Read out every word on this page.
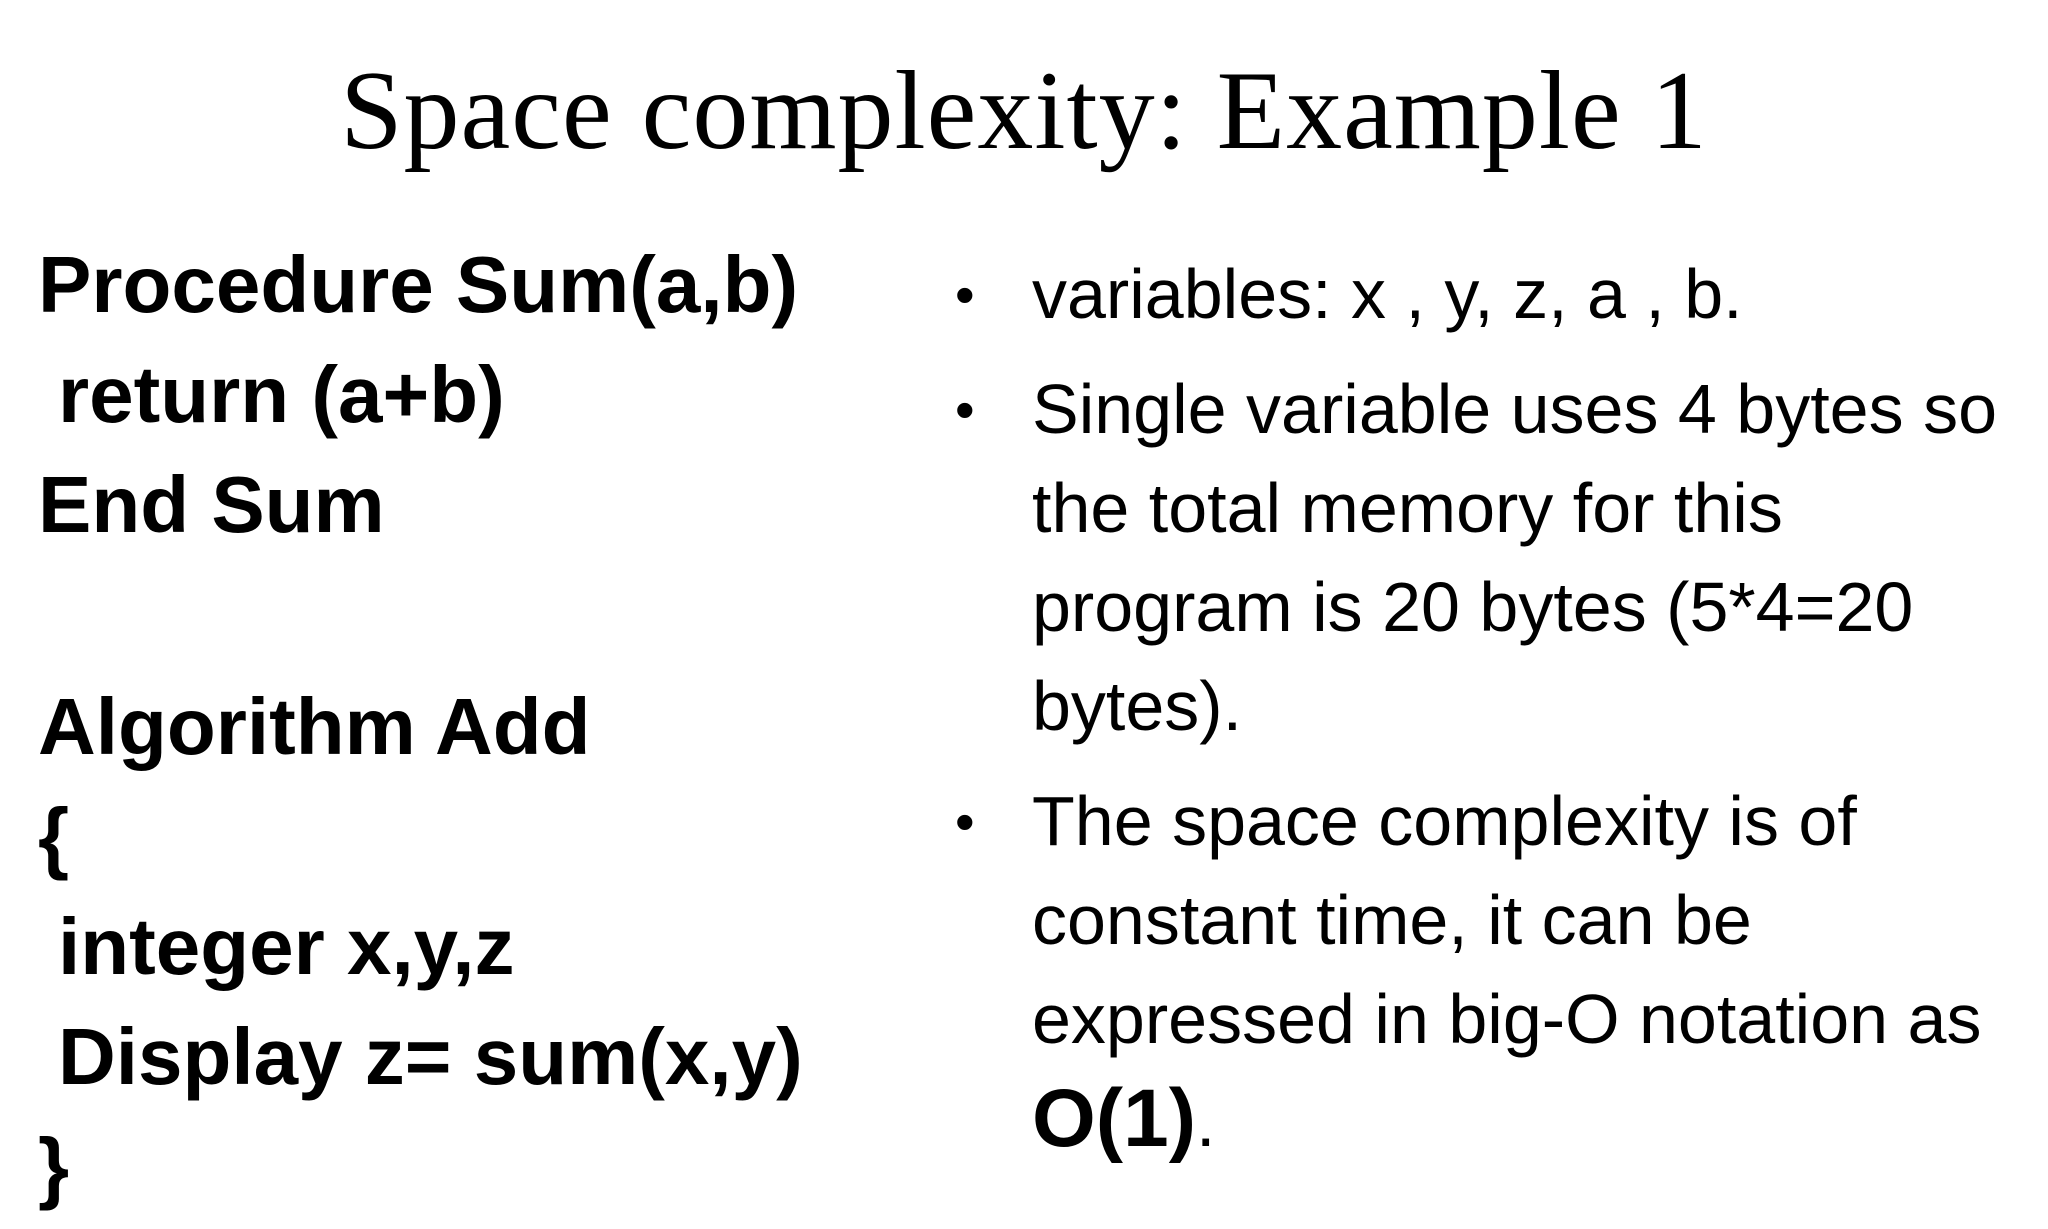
Space complexity: Example 1
Procedure Sum(a,b)
return (a+b)
End Sum
Algorithm Add
{
integer x,y,z
Display z= sum(x,y)
}
• variables: x , y, z, a , b.
• Single variable uses 4 bytes so the total memory for this program is 20 bytes (5*4=20 bytes).
• The space complexity is of constant time, it can be expressed in big-O notation as O(1).
